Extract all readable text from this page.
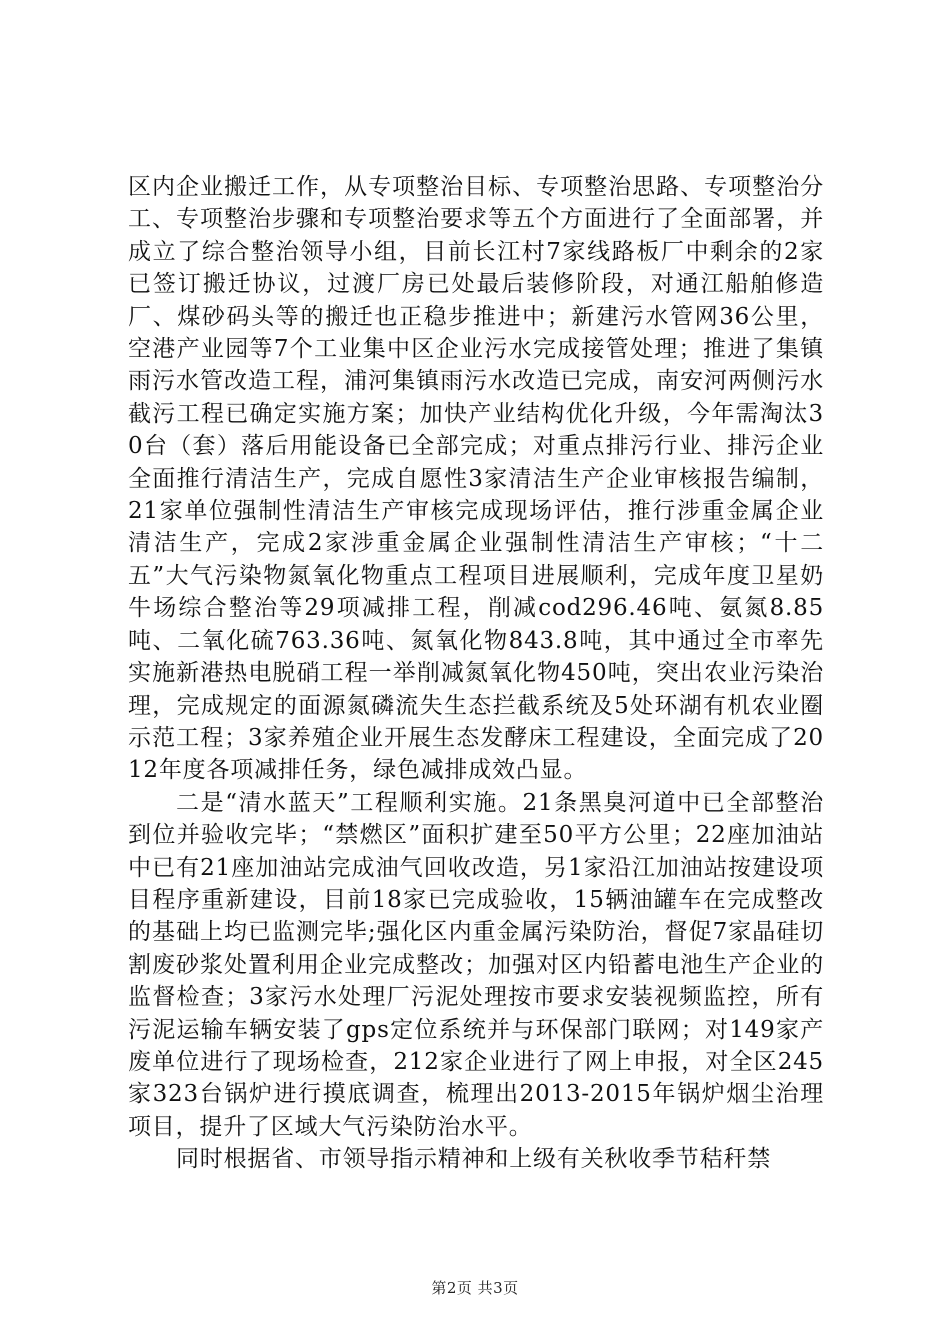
区内企业搬迁工作，从专项整治目标、专项整治思路、专项整治分工、专项整治步骤和专项整治要求等五个方面进行了全面部署，并成立了综合整治领导小组，目前长江村7家线路板厂中剩余的2家已签订搬迁协议，过渡厂房已处最后装修阶段，对通江船舶修造厂、煤砂码头等的搬迁也正稳步推进中；新建污水管网36公里，空港产业园等7个工业集中区企业污水完成接管处理；推进了集镇雨污水管改造工程，浦河集镇雨污水改造已完成，南安河两侧污水截污工程已确定实施方案；加快产业结构优化升级，今年需淘汰30台（套）落后用能设备已全部完成；对重点排污行业、排污企业全面推行清洁生产，完成自愿性3家清洁生产企业审核报告编制，21家单位强制性清洁生产审核完成现场评估，推行涉重金属企业清洁生产，完成2家涉重金属企业强制性清洁生产审核；“十二五”大气污染物氮氧化物重点工程项目进展顺利，完成年度卫星奶牛场综合整治等29项减排工程，削减cod296.46吨、氨氮8.85吨、二氧化硫763.36吨、氮氧化物843.8吨，其中通过全市率先实施新港热电脱硝工程一举削减氮氧化物450吨，突出农业污染治理，完成规定的面源氮磷流失生态拦截系统及5处环湖有机农业圈示范工程；3家养殖企业开展生态发酵床工程建设，全面完成了2012年度各项减排任务，绿色减排成效凸显。

二是“清水蓝天”工程顺利实施。21条黑臭河道中已全部整治到位并验收完毕；“禁燃区”面积扩建至50平方公里；22座加油站中已有21座加油站完成油气回收改造，另1家沿江加油站按建设项目程序重新建设，目前18家已完成验收，15辆油罐车在完成整改的基础上均已监测完毕;强化区内重金属污染防治，督促7家晶硅切割废砂浆处置利用企业完成整改；加强对区内铅蓄电池生产企业的监督检查；3家污水处理厂污泥处理按市要求安装视频监控，所有污泥运输车辆安装了gps定位系统并与环保部门联网；对149家产废单位进行了现场检查，212家企业进行了网上申报，对全区245家323台锅炉进行摸底调查，梳理出2013-2015年锅炉烟尘治理项目，提升了区域大气污染防治水平。

同时根据省、市领导指示精神和上级有关秋收季节秸秆禁

第2页 共3页
